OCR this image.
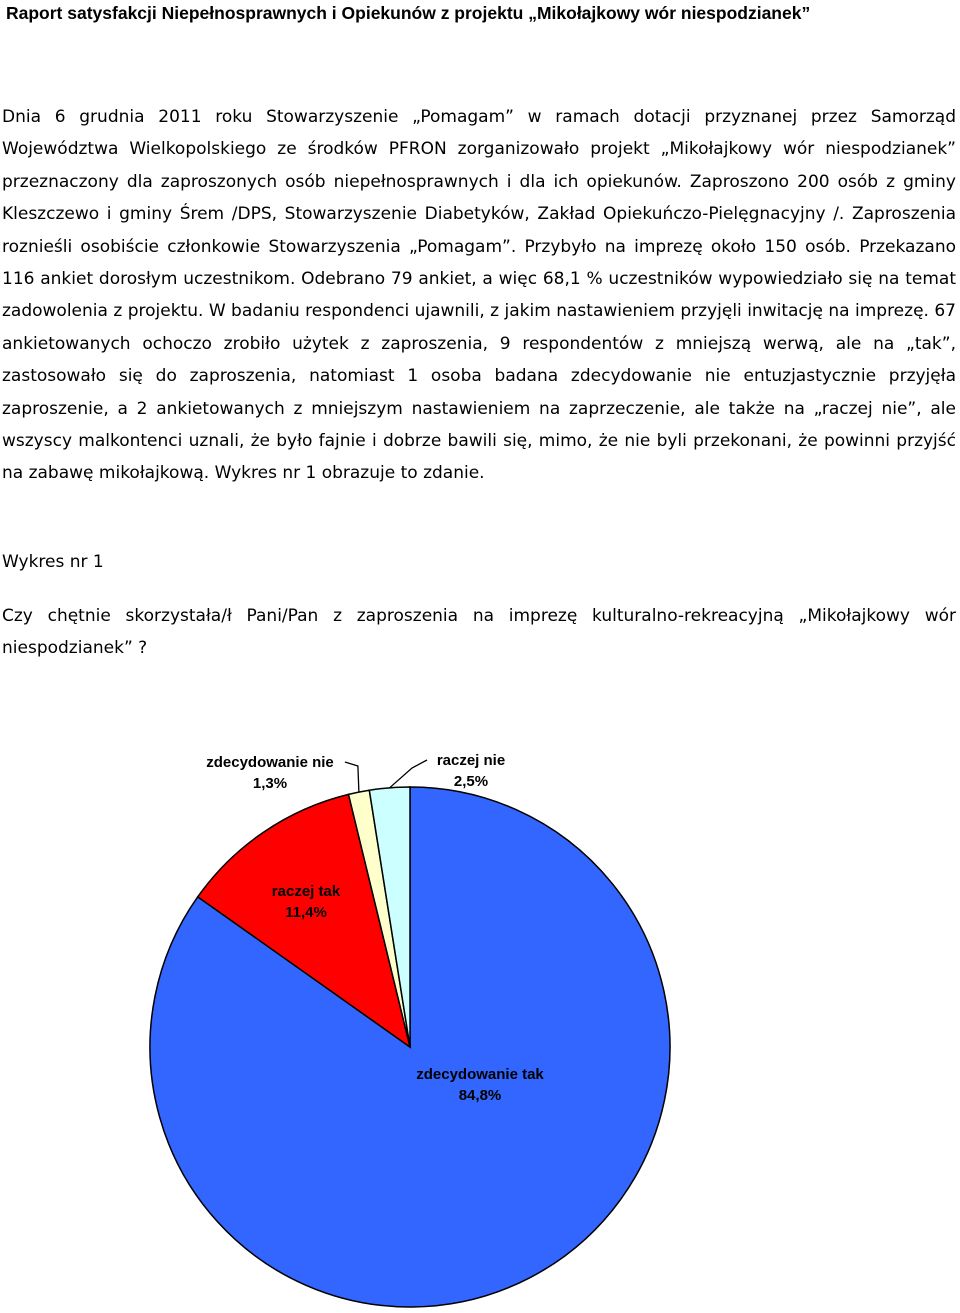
Raport satysfakcji Niepełnosprawnych i Opiekunów z projektu „Mikołajkowy wór niespodzianek”

Dnia 6 grudnia 2011 roku Stowarzyszenie „Pomagam” w ramach dotacji przyznanej przez Samorząd Województwa Wielkopolskiego ze środków PFRON zorganizowało projekt „Mikołajkowy wór niespodzianek” przeznaczony dla zaproszonych osób niepełnosprawnych i dla ich opiekunów. Zaproszono 200 osób z gminy Kleszczewo i gminy Śrem /DPS, Stowarzyszenie Diabetyków, Zakład Opiekuńczo-Pielęgnacyjny /. Zaproszenia roznieśli osobiście członkowie Stowarzyszenia „Pomagam”. Przybyło na imprezę około 150 osób. Przekazano 116 ankiet dorosłym uczestnikom. Odebrano 79 ankiet, a więc 68,1 % uczestników wypowiedziało się na temat zadowolenia z projektu. W badaniu respondenci ujawnili, z jakim nastawieniem przyjęli inwitację na imprezę. 67 ankietowanych ochoczo zrobiło użytek z zaproszenia, 9 respondentów z mniejszą werwą, ale na „tak”, zastosowało się do zaproszenia, natomiast 1 osoba badana zdecydowanie nie entuzjastycznie przyjęła zaproszenie, a 2 ankietowanych z mniejszym nastawieniem na zaprzeczenie, ale także na „raczej nie”, ale wszyscy malkontenci uznali, że było fajnie i dobrze bawili się, mimo, że nie byli przekonani, że powinni przyjść na zabawę mikołajkową. Wykres nr 1 obrazuje to zdanie.

Wykres nr 1

Czy chętnie skorzystała/ł Pani/Pan z zaproszenia na imprezę kulturalno-rekreacyjną „Mikołajkowy wór niespodzianek” ?

zdecydowanie tak 84,8%
raczej tak 11,4%
zdecydowanie nie 1,3%
raczej nie 2,5%
